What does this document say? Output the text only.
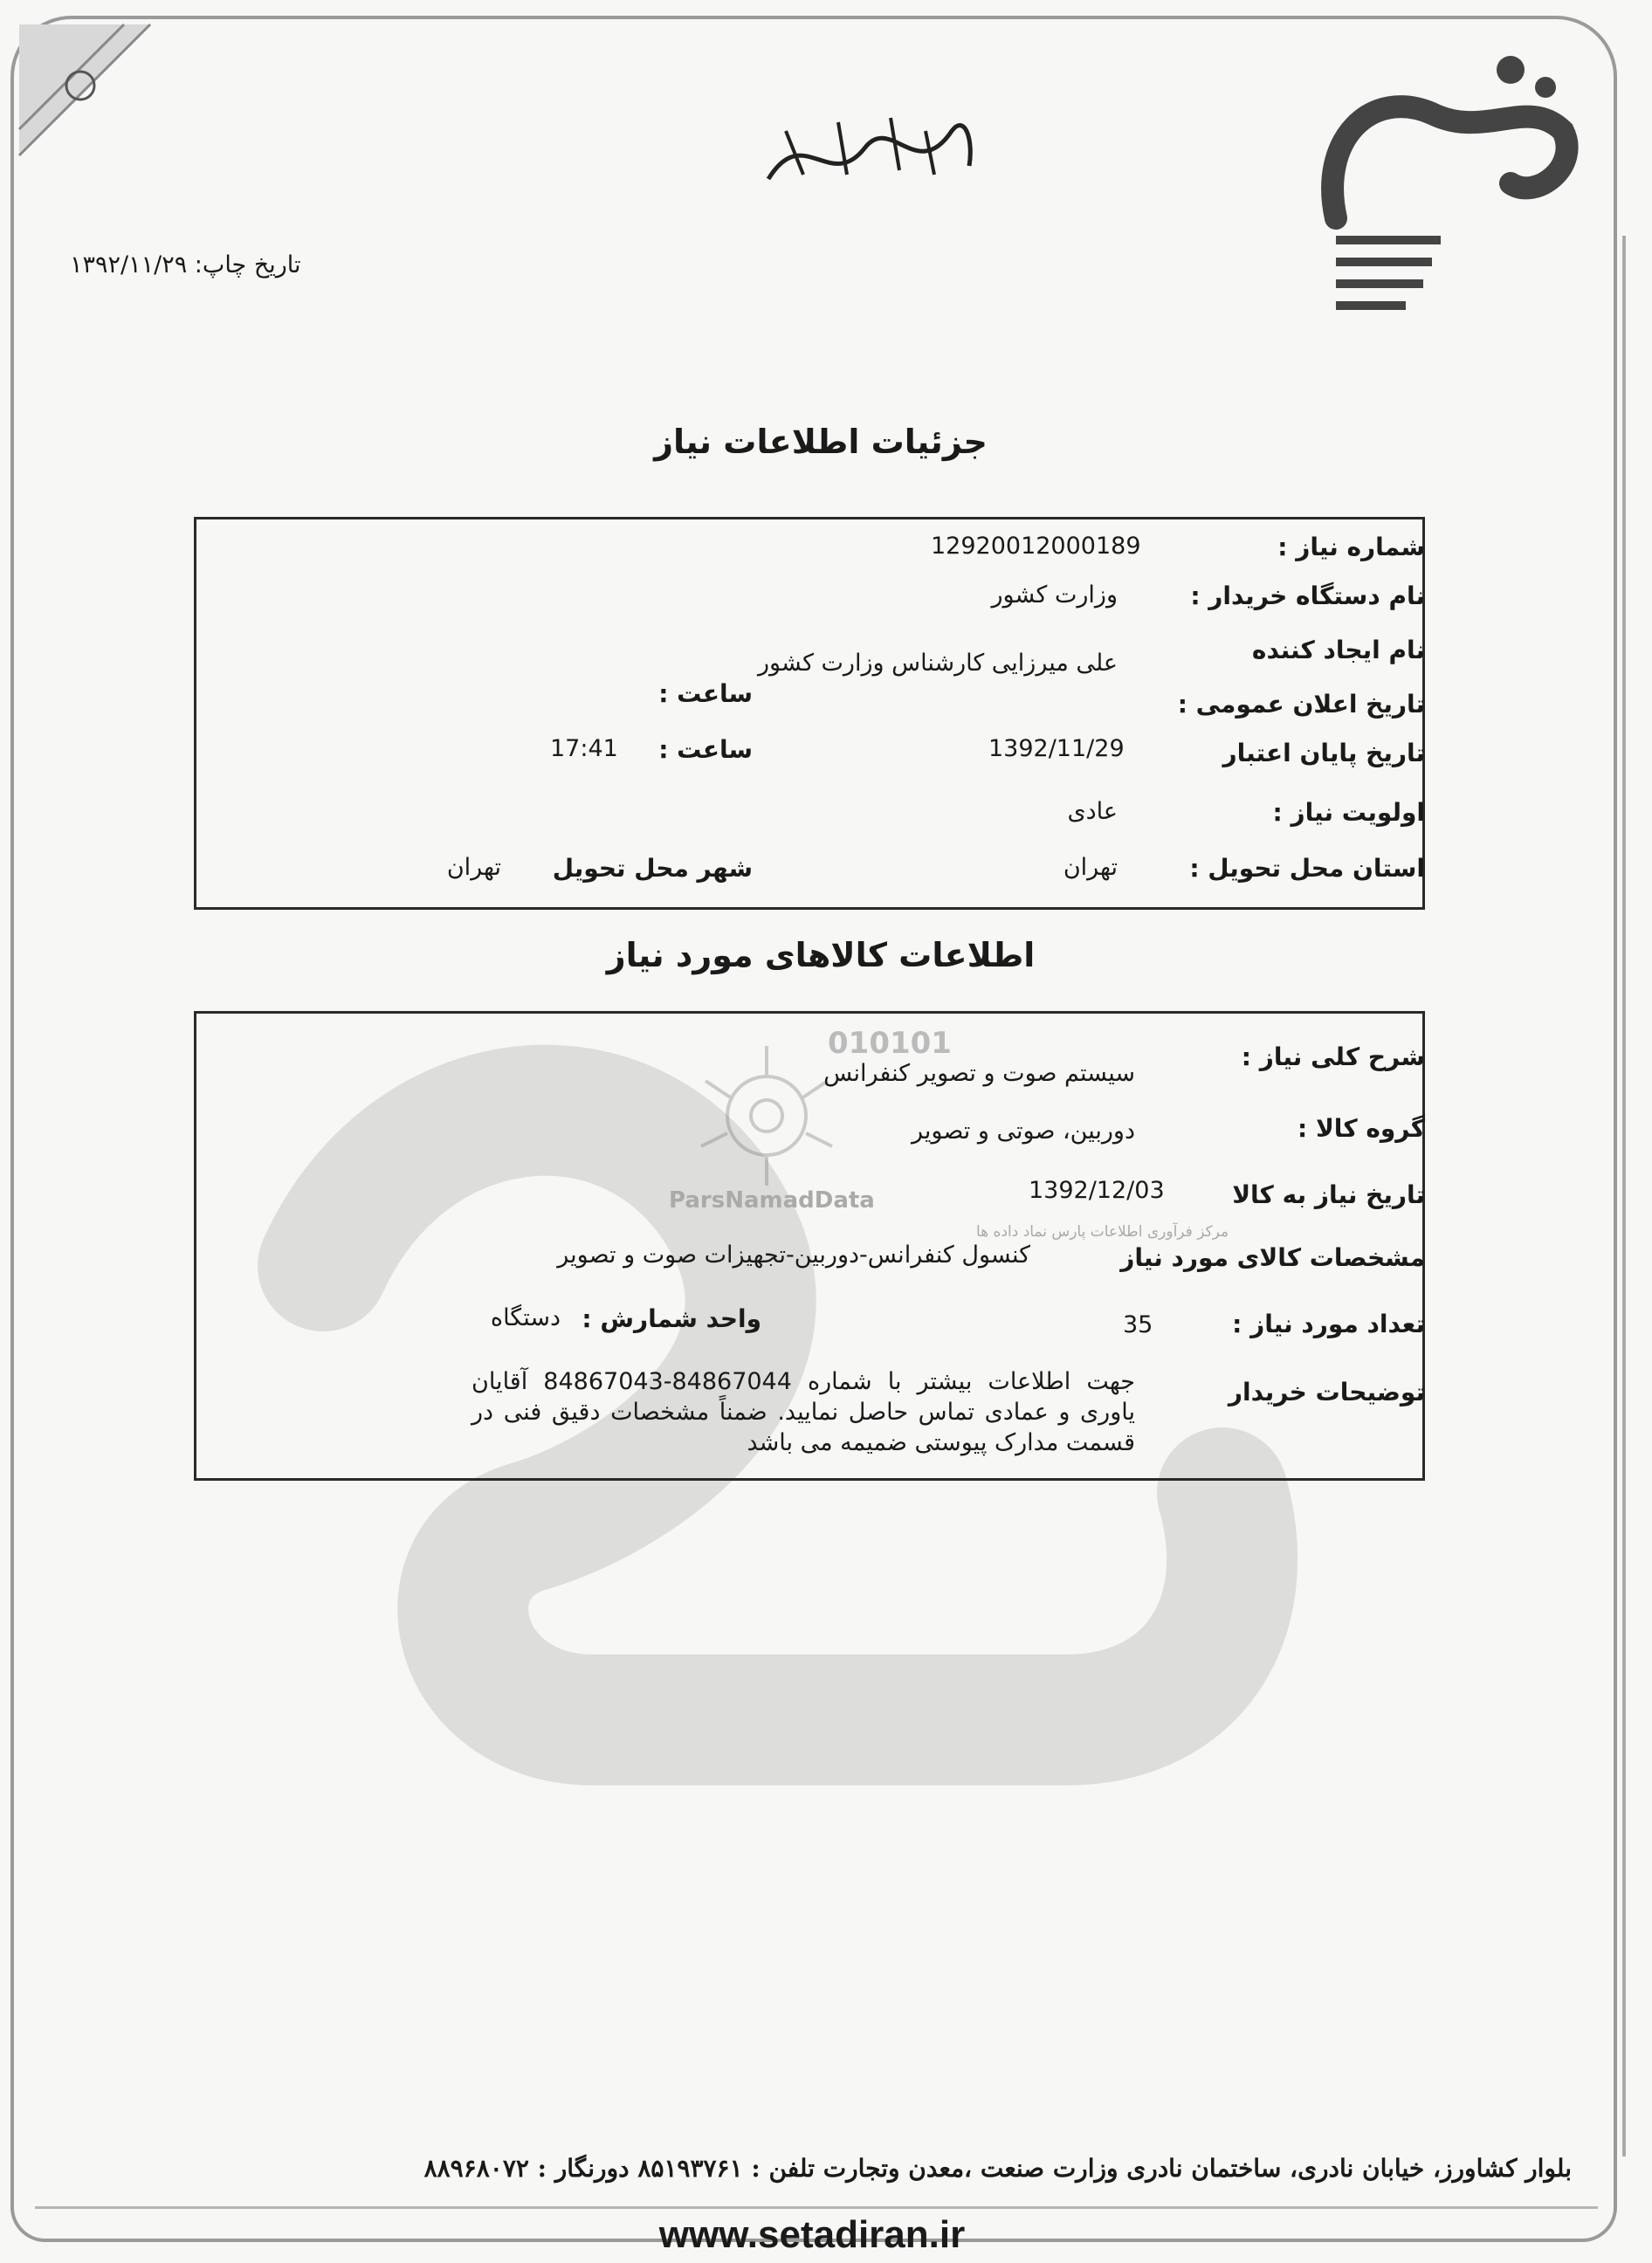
تاریخ چاپ: ۱۳۹۲/۱۱/۲۹
جزئیات اطلاعات نیاز
شماره نیاز :
12920012000189
نام دستگاه خریدار :
وزارت کشور
نام ایجاد کننده
علی میرزایی کارشناس وزارت کشور
تاریخ اعلان عمومی :
ساعت :
تاریخ پایان اعتبار
1392/11/29
ساعت :
17:41
اولویت نیاز :
عادی
استان محل تحویل :
تهران
شهر محل تحویل
تهران
اطلاعات کالاهای مورد نیاز
010101
ParsNamadData
مرکز فرآوری اطلاعات پارس نماد داده ها
شرح کلی نیاز :
سیستم صوت و تصویر کنفرانس
گروه کالا :
دوربین، صوتی و تصویر
تاریخ نیاز به کالا
1392/12/03
مشخصات کالای مورد نیاز
کنسول کنفرانس-دوربین-تجهیزات صوت و تصویر
تعداد مورد نیاز :
35
واحد شمارش :
دستگاه
توضیحات خریدار
جهت اطلاعات بیشتر با شماره 84867044-84867043 آقایان یاوری و عمادی تماس حاصل نمایید. ضمناً مشخصات دقیق فنی در قسمت مدارک پیوستی ضمیمه می باشد
بلوار کشاورز، خیابان نادری، ساختمان نادری وزارت صنعت ،معدن وتجارت تلفن : ۸۵۱۹۳۷۶۱ دورنگار : ۸۸۹۶۸۰۷۲
www.setadiran.ir
